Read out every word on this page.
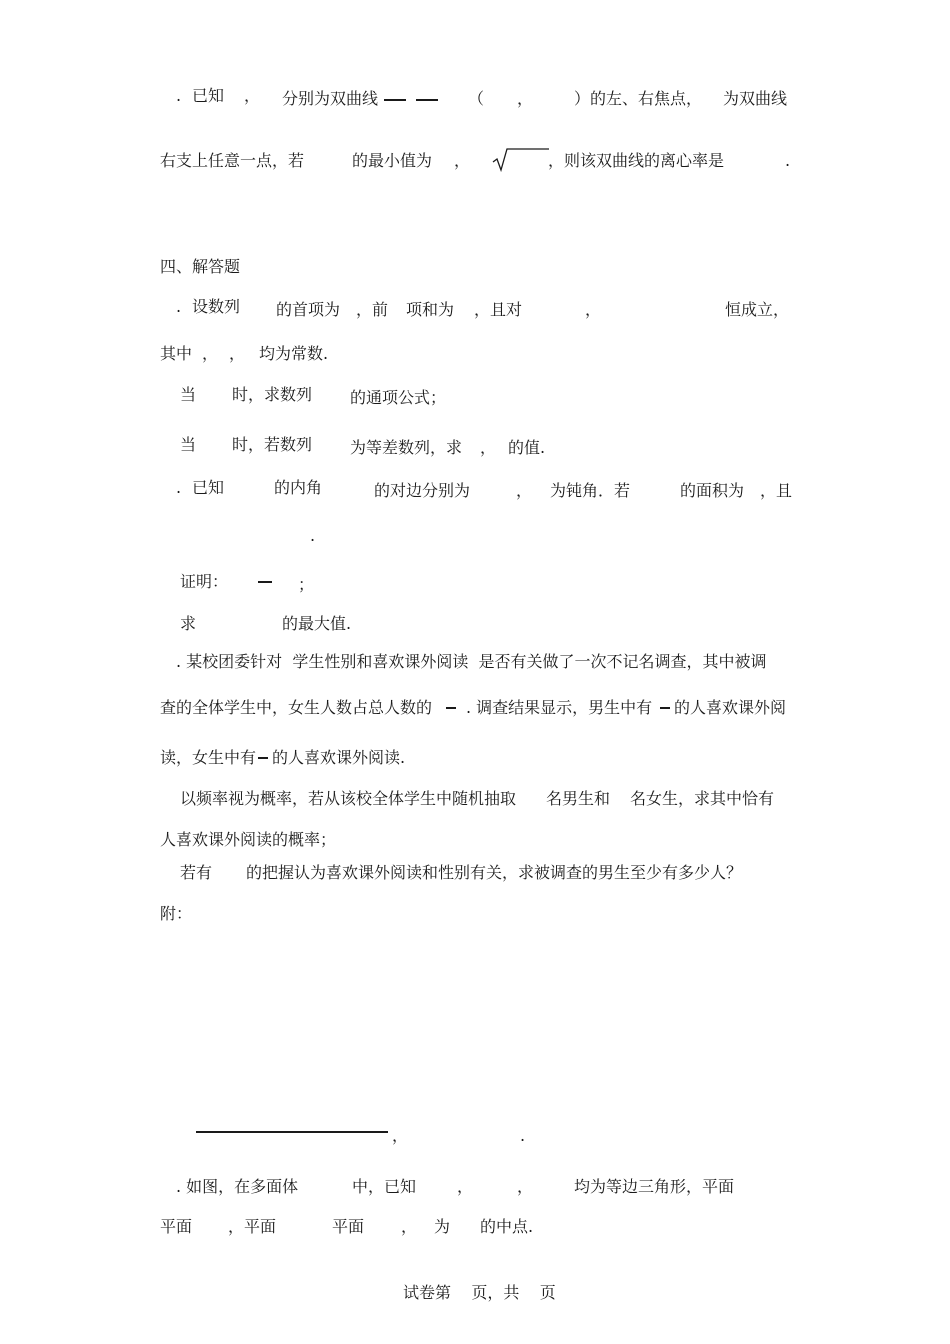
. 已知 ， 分别为双曲线	（ ，	）的左、右焦点， 为双曲线
右支上任意一点，若	的最小值为 ，	，则该双曲线的离心率是	.
四、解答题
. 设数列 的首项为 ，前 项和为 ，且对	，	恒成立，
其中 ， ， 均为常数.
当 时，求数列 的通项公式；
当 时，若数列 为等差数列，求 ， 的值.
. 已知	的内角	的对边分别为	， 为钝角．若	的面积为 ，且
.
证明：	；
求	的最大值.
. 某校团委针对  学生性别和喜欢课外阅读  是否有关做了一次不记名调查，其中被调
查的全体学生中，女生人数占总人数的 . 调查结果显示，男生中有 的人喜欢课外阅
读，女生中有 的人喜欢课外阅读.
以频率视为概率，若从该校全体学生中随机抽取 名男生和 名女生，求其中恰有
人喜欢课外阅读的概率；
若有 的把握认为喜欢课外阅读和性别有关，求被调查的男生至少有多少人？
附：
，	.
. 如图，在多面体	中，已知	，	，	均为等边三角形，平面
平面 ，平面	平面 ， 为 的中点.
试卷第    页，共    页
